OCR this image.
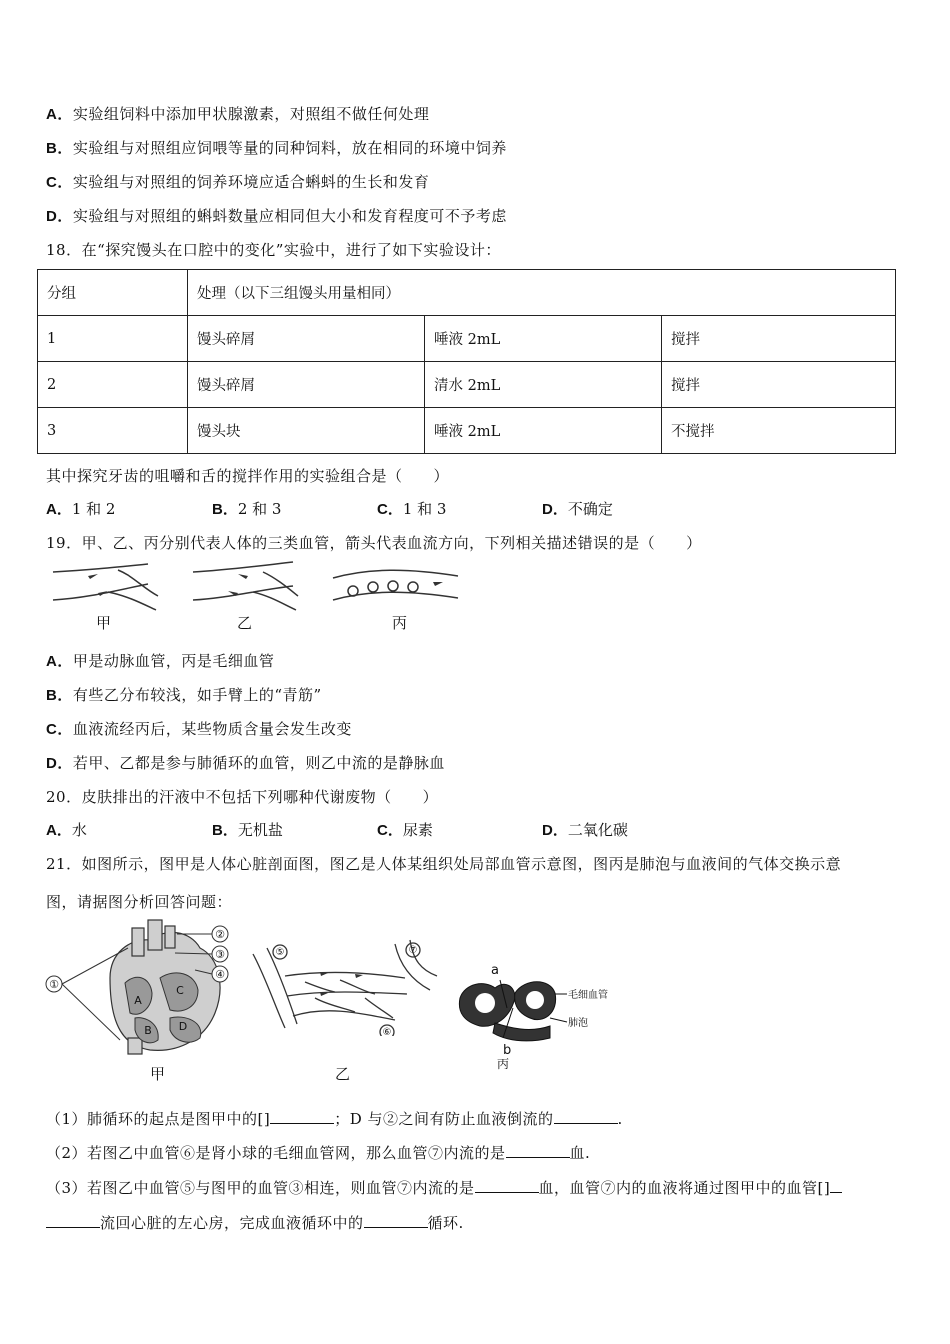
A．实验组饲料中添加甲状腺激素，对照组不做任何处理
B．实验组与对照组应饲喂等量的同种饲料，放在相同的环境中饲养
C．实验组与对照组的饲养环境应适合蝌蚪的生长和发育
D．实验组与对照组的蝌蚪数量应相同但大小和发育程度可不予考虑
18．在“探究馒头在口腔中的变化”实验中，进行了如下实验设计：
分组	处理（以下三组馒头用量相同）		
1	馒头碎屑	唾液 2mL	搅拌
2	馒头碎屑	清水 2mL	搅拌
3	馒头块	唾液 2mL	不搅拌
其中探究牙齿的咀嚼和舌的搅拌作用的实验组合是（　　）
A．1 和 2	B．2 和 3	C．1 和 3	D．不确定
19．甲、乙、丙分别代表人体的三类血管，箭头代表血流方向，下列相关描述错误的是（　　）
甲	乙	丙
A．甲是动脉血管，丙是毛细血管
B．有些乙分布较浅，如手臂上的“青筋”
C．血液流经丙后，某些物质含量会发生改变
D．若甲、乙都是参与肺循环的血管，则乙中流的是静脉血
20．皮肤排出的汗液中不包括下列哪种代谢废物（　　）
A．水	B．无机盐	C．尿素	D．二氧化碳
21．如图所示，图甲是人体心脏剖面图，图乙是人体某组织处局部血管示意图，图丙是肺泡与血液间的气体交换示意
图，请据图分析回答问题：
①
②
③
④
A
B
C
D
甲
⑤
⑥
⑦
乙
a
b
毛细血管
肺泡
丙
（1）肺循环的起点是图甲中的[]	；D 与②之间有防止血液倒流的	.
（2）若图乙中血管⑥是肾小球的毛细血管网，那么血管⑦内流的是	血.
（3）若图乙中血管⑤与图甲的血管③相连，则血管⑦内流的是	血，血管⑦内的血液将通过图甲中的血管[]
流回心脏的左心房，完成血液循环中的	循环.
